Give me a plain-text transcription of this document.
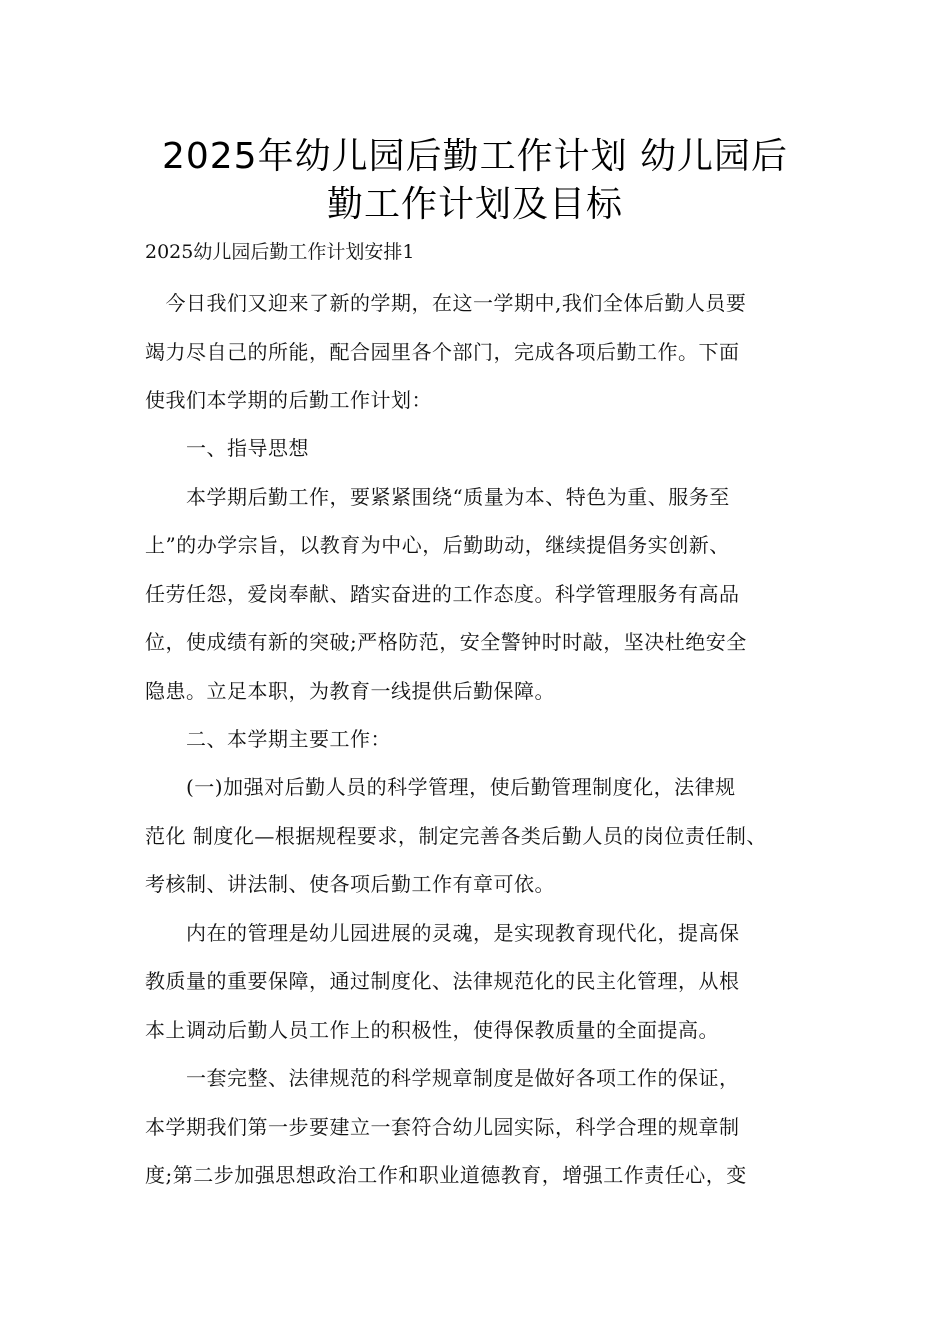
2025年幼儿园后勤工作计划 幼儿园后
勤工作计划及目标
2025幼儿园后勤工作计划安排1
　今日我们又迎来了新的学期，在这一学期中,我们全体后勤人员要
竭力尽自己的所能，配合园里各个部门，完成各项后勤工作。下面
使我们本学期的后勤工作计划：
　　一、指导思想
　　本学期后勤工作，要紧紧围绕“质量为本、特色为重、服务至
上”的办学宗旨，以教育为中心，后勤助动，继续提倡务实创新、
任劳任怨，爱岗奉献、踏实奋进的工作态度。科学管理服务有高品
位，使成绩有新的突破;严格防范，安全警钟时时敲，坚决杜绝安全
隐患。立足本职，为教育一线提供后勤保障。
　　二、本学期主要工作：
　　(一)加强对后勤人员的科学管理，使后勤管理制度化，法律规
范化 制度化—根据规程要求，制定完善各类后勤人员的岗位责任制、
考核制、讲法制、使各项后勤工作有章可依。
　　内在的管理是幼儿园进展的灵魂，是实现教育现代化，提高保
教质量的重要保障，通过制度化、法律规范化的民主化管理，从根
本上调动后勤人员工作上的积极性，使得保教质量的全面提高。
　　一套完整、法律规范的科学规章制度是做好各项工作的保证，
本学期我们第一步要建立一套符合幼儿园实际，科学合理的规章制
度;第二步加强思想政治工作和职业道德教育，增强工作责任心，变
